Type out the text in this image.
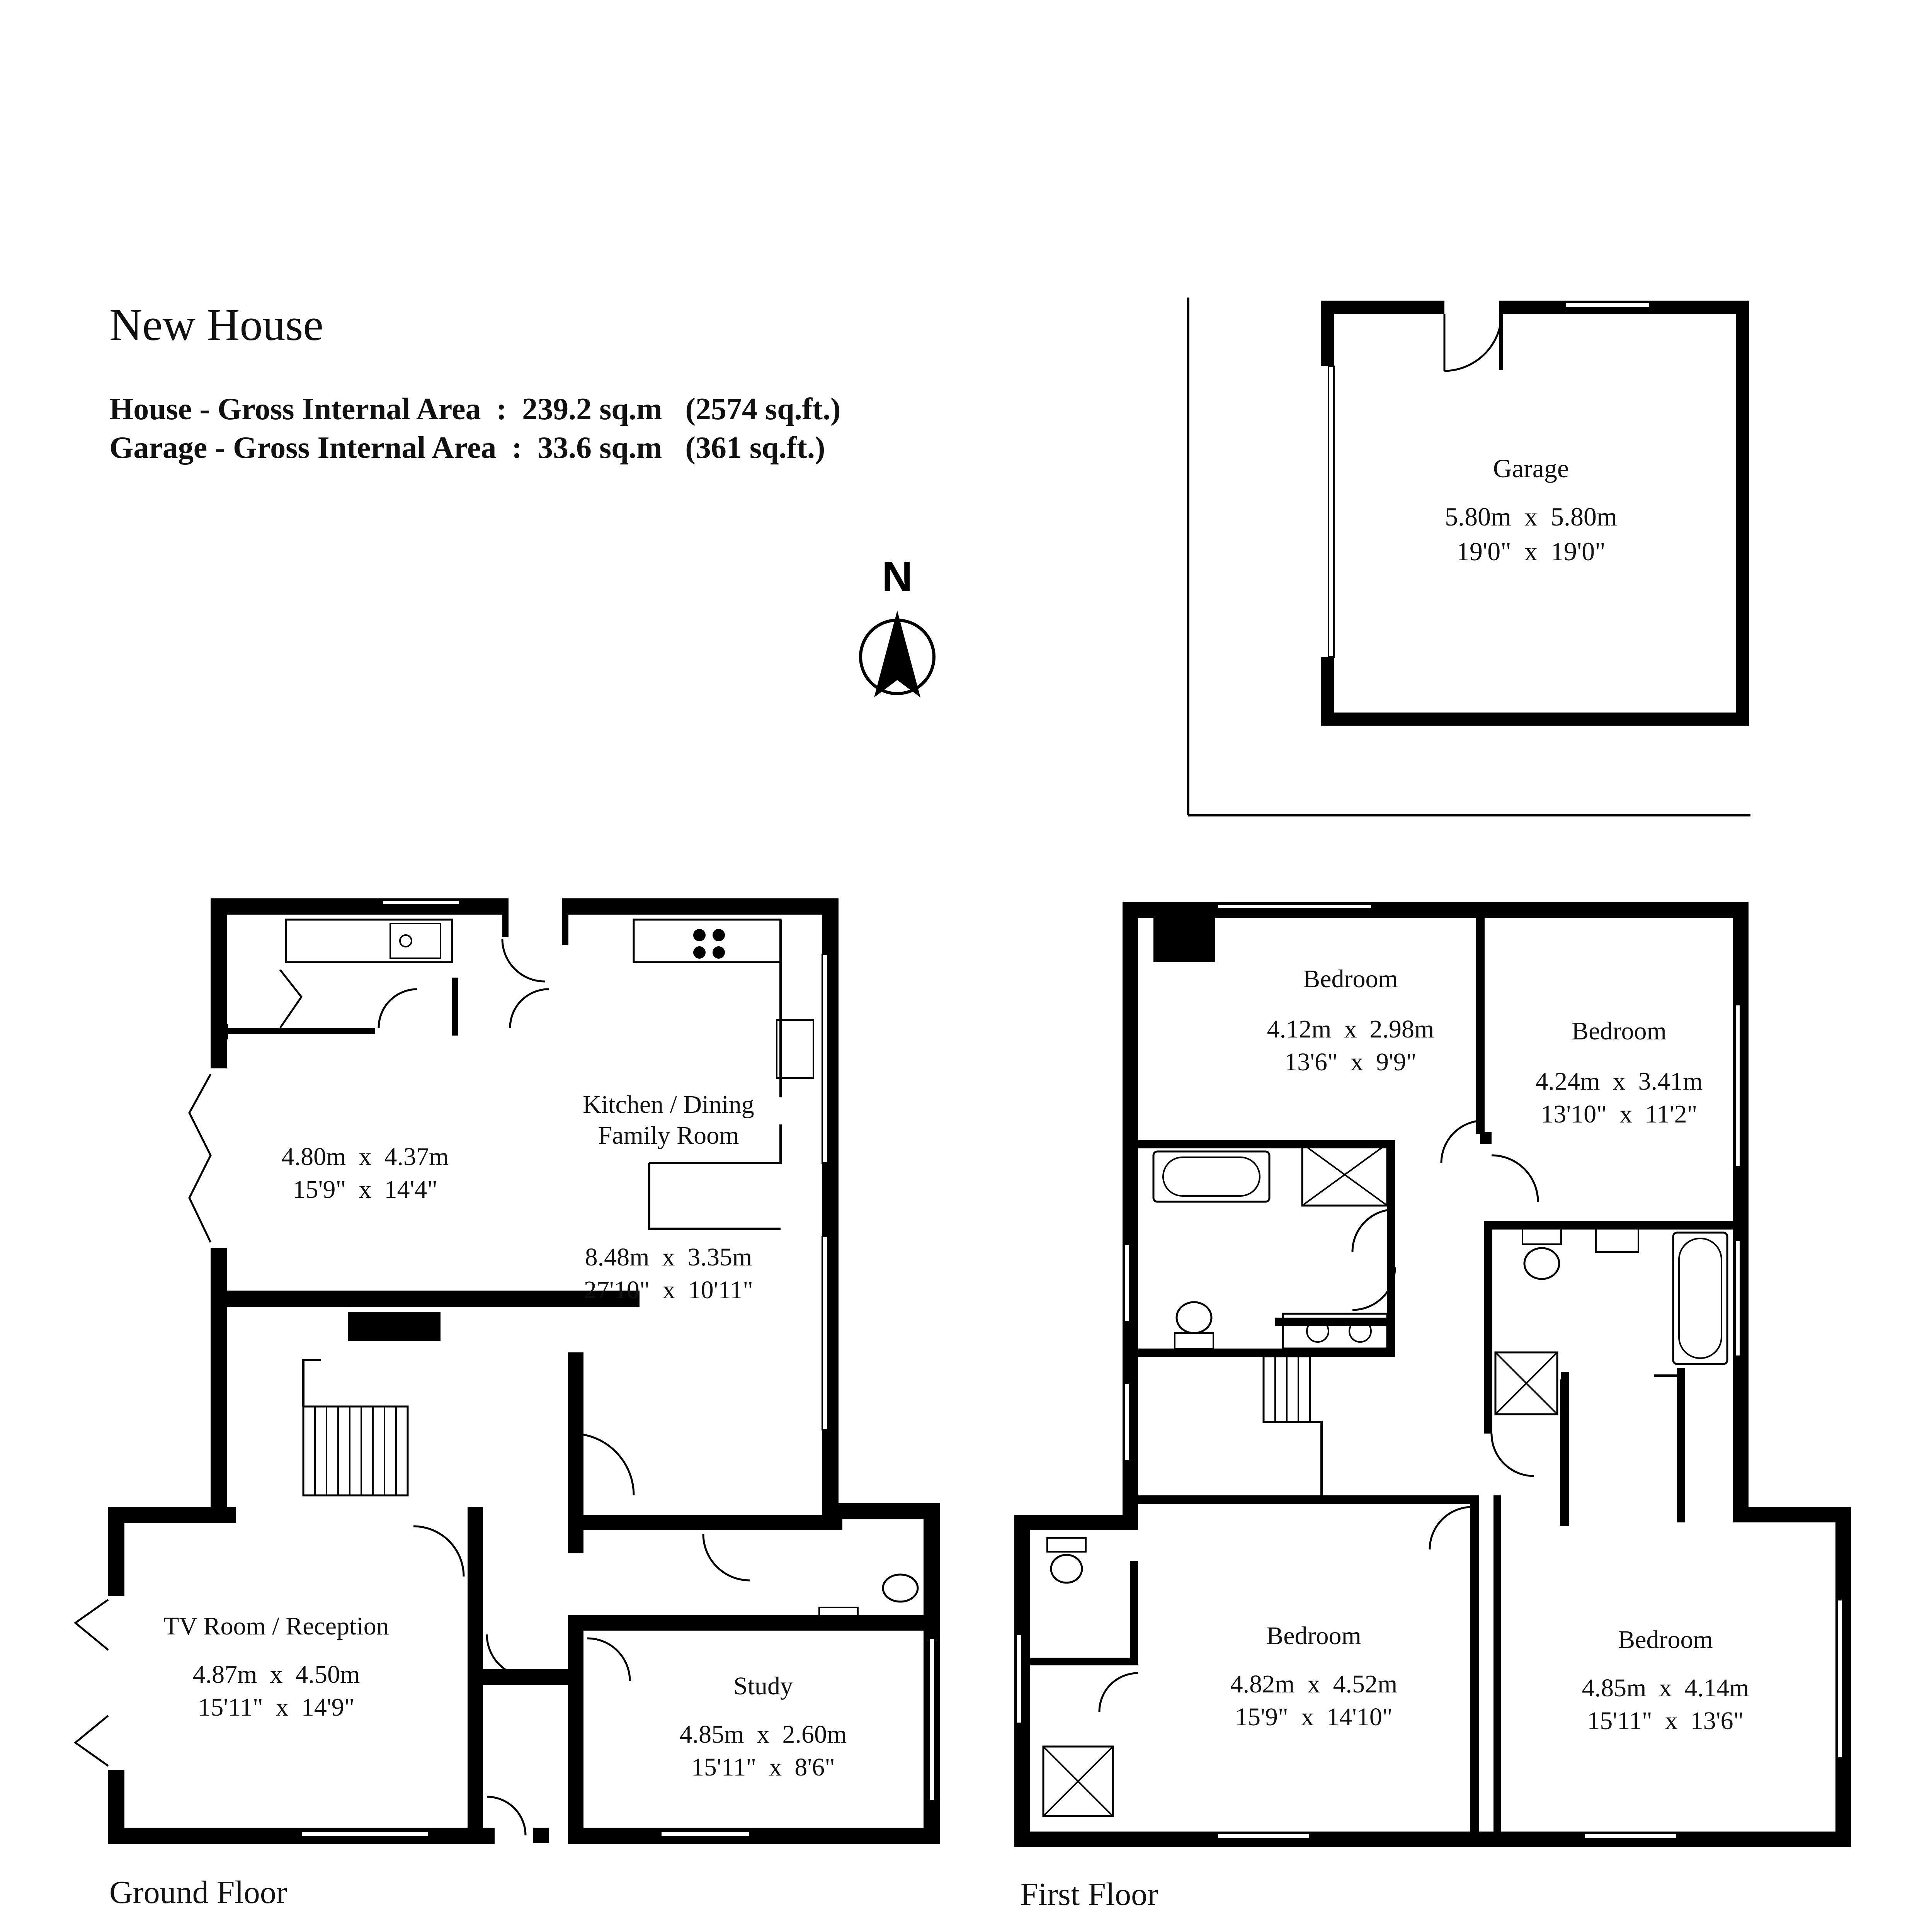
New House
House - Gross Internal Area  :  239.2 sq.m   (2574 sq.ft.)
Garage - Gross Internal Area  :  33.6 sq.m   (361 sq.ft.)
N
Garage
5.80m  x  5.80m
19'0"  x  19'0"
4.80m  x  4.37m
15'9"  x  14'4"
Kitchen / Dining
Family Room
8.48m  x  3.35m
27'10"  x  10'11"
TV Room / Reception
4.87m  x  4.50m
15'11"  x  14'9"
Study
4.85m  x  2.60m
15'11"  x  8'6"
Ground Floor
Bedroom
4.12m  x  2.98m
13'6"  x  9'9"
Bedroom
4.24m  x  3.41m
13'10"  x  11'2"
Bedroom
4.82m  x  4.52m
15'9"  x  14'10"
Bedroom
4.85m  x  4.14m
15'11"  x  13'6"
First Floor
